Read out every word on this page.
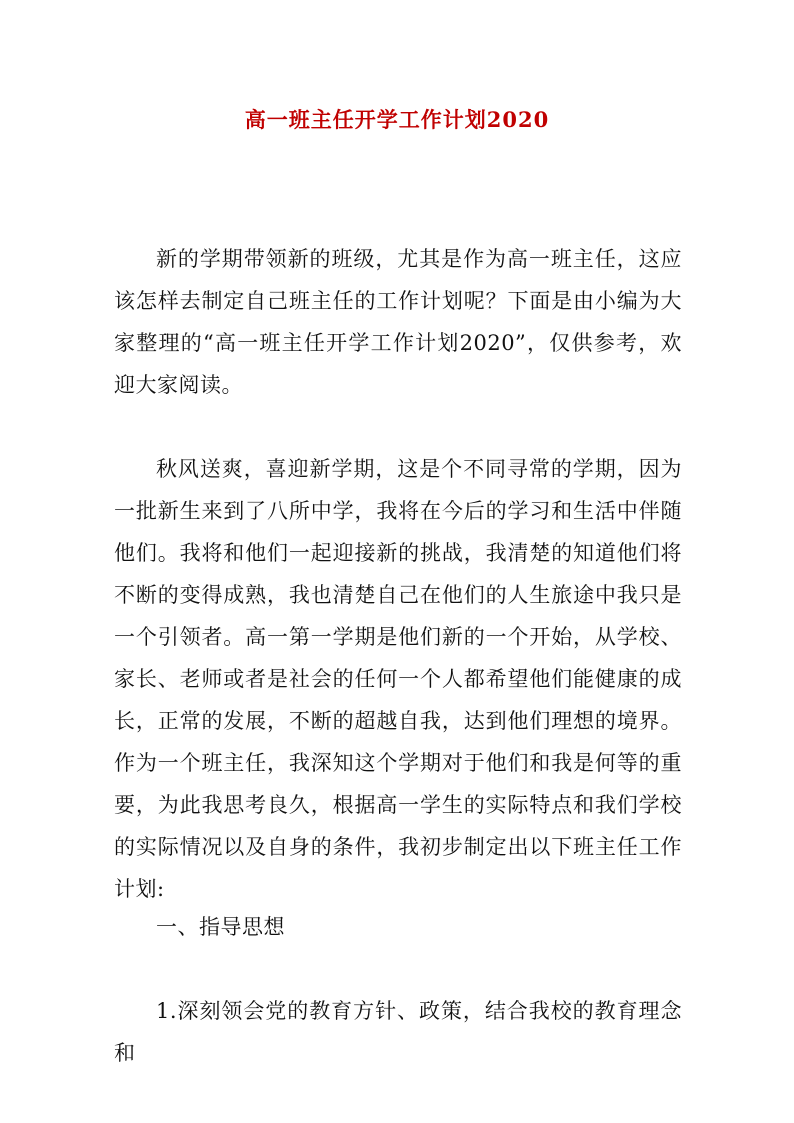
高一班主任开学工作计划2020

新的学期带领新的班级，尤其是作为高一班主任，这应该怎样去制定自己班主任的工作计划呢？下面是由小编为大家整理的“高一班主任开学工作计划2020”，仅供参考，欢迎大家阅读。

秋风送爽，喜迎新学期，这是个不同寻常的学期，因为一批新生来到了八所中学，我将在今后的学习和生活中伴随他们。我将和他们一起迎接新的挑战，我清楚的知道他们将不断的变得成熟，我也清楚自己在他们的人生旅途中我只是一个引领者。高一第一学期是他们新的一个开始，从学校、家长、老师或者是社会的任何一个人都希望他们能健康的成长，正常的发展，不断的超越自我，达到他们理想的境界。作为一个班主任，我深知这个学期对于他们和我是何等的重要，为此我思考良久，根据高一学生的实际特点和我们学校的实际情况以及自身的条件，我初步制定出以下班主任工作计划:

一、指导思想

1.深刻领会党的教育方针、政策，结合我校的教育理念和
